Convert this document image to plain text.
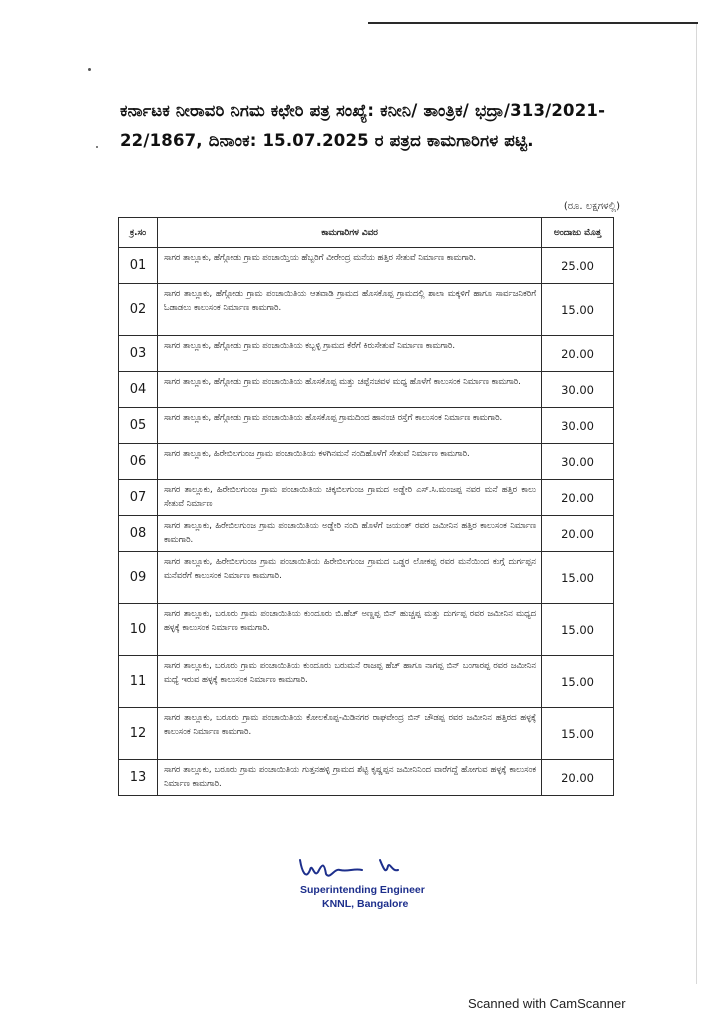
ಕರ್ನಾಟಕ ನೀರಾವರಿ ನಿಗಮ ಕಛೇರಿ ಪತ್ರ ಸಂಖ್ಯೆ: ಕನೀನಿ/ ತಾಂತ್ರಿಕ/ ಭದ್ರಾ/313/2021-22/1867, ದಿನಾಂಕ: 15.07.2025 ರ ಪತ್ರದ ಕಾಮಗಾರಿಗಳ ಪಟ್ಟಿ.
(ರೂ. ಲಕ್ಷಗಳಲ್ಲಿ)
ಕ್ರ.ಸಂ	ಕಾಮಗಾರಿಗಳ ವಿವರ	ಅಂದಾಜು ಮೊತ್ತ
01	ಸಾಗರ ತಾಲ್ಲೂಕು, ಹೆಗ್ಗೋಡು ಗ್ರಾಮ ಪಂಚಾಯ್ತಿಯ ಹೆಬ್ಬರಿಗೆ ವೀರೇಂದ್ರ ಮನೆಯ ಹತ್ತಿರ ಸೇತುವೆ ನಿರ್ಮಾಣ ಕಾಮಗಾರಿ.	25.00
02	ಸಾಗರ ತಾಲ್ಲೂಕು, ಹೆಗ್ಗೋಡು ಗ್ರಾಮ ಪಂಚಾಯಿತಿಯ ಆತವಾಡಿ ಗ್ರಾಮದ ಹೊಸಕೊಪ್ಪ ಗ್ರಾಮದಲ್ಲಿ ಶಾಲಾ ಮಕ್ಕಳಿಗೆ ಹಾಗೂ ಸಾರ್ವಜನಿಕರಿಗೆ ಓಡಾಡಲು ಕಾಲುಸಂಕ ನಿರ್ಮಾಣ ಕಾಮಗಾರಿ.	15.00
03	ಸಾಗರ ತಾಲ್ಲೂಕು, ಹೆಗ್ಗೋಡು ಗ್ರಾಮ ಪಂಚಾಯಿತಿಯ ಕಬ್ಬಳ್ಳಿ ಗ್ರಾಮದ ಕೆರೆಗೆ ಕಿರುಸೇತುವೆ ನಿರ್ಮಾಣ ಕಾಮಗಾರಿ.	20.00
04	ಸಾಗರ ತಾಲ್ಲೂಕು, ಹೆಗ್ಗೋಡು ಗ್ರಾಮ ಪಂಚಾಯಿತಿಯ ಹೊಸಕೊಪ್ಪ ಮತ್ತು ಚಪ್ಪೆನಚವಳ ಮಧ್ಯ ಹೊಳೆಗೆ ಕಾಲುಸಂಕ ನಿರ್ಮಾಣ ಕಾಮಗಾರಿ.	30.00
05	ಸಾಗರ ತಾಲ್ಲೂಕು, ಹೆಗ್ಗೋಡು ಗ್ರಾಮ ಪಂಚಾಯಿತಿಯ ಹೊಸಕೊಪ್ಪ ಗ್ರಾಮದಿಂದ ಹಾನಂಚಿ ರಸ್ತೆಗೆ ಕಾಲುಸಂಕ ನಿರ್ಮಾಣ ಕಾಮಗಾರಿ.	30.00
06	ಸಾಗರ ತಾಲ್ಲೂಕು, ಹಿರೇಬಿಲಗುಂಜ ಗ್ರಾಮ ಪಂಚಾಯಿತಿಯ ಕಳಗಿನಮನೆ ನಂದಿಹೊಳೆಗೆ ಸೇತುವೆ ನಿರ್ಮಾಣ ಕಾಮಗಾರಿ.	30.00
07	ಸಾಗರ ತಾಲ್ಲೂಕು, ಹಿರೇಬಿಲಗುಂಜ ಗ್ರಾಮ ಪಂಚಾಯಿತಿಯ ಚಿಕ್ಕಬಿಲಗುಂಜ ಗ್ರಾಮದ ಅಡ್ಡೇರಿ ಎಸ್.ಸಿ.ಮಂಜಪ್ಪ ನವರ ಮನೆ ಹತ್ತಿರ ಕಾಲು ಸೇತುವೆ ನಿರ್ಮಾಣ	20.00
08	ಸಾಗರ ತಾಲ್ಲೂಕು, ಹಿರೇಬಿಲಗುಂಜ ಗ್ರಾಮ ಪಂಚಾಯಿತಿಯ ಅಡ್ಡೇರಿ ನಂದಿ ಹೊಳೆಗೆ ಜಯಂತ್ ರವರ ಜಮೀನಿನ ಹತ್ತಿರ ಕಾಲುಸಂಕ ನಿರ್ಮಾಣ ಕಾಮಗಾರಿ.	20.00
09	ಸಾಗರ ತಾಲ್ಲೂಕು, ಹಿರೇಬಿಲಗುಂಜ ಗ್ರಾಮ ಪಂಚಾಯಿತಿಯ ಹಿರೇಬಿಲಗುಂಜ ಗ್ರಾಮದ ಒಡ್ಡರ ಲೋಕಪ್ಪ ರವರ ಮನೆಯಿಂದ ಕುಗ್ಗೆ ದುರ್ಗಪ್ಪನ ಮನೆವರೆಗೆ ಕಾಲುಸಂಕ ನಿರ್ಮಾಣ ಕಾಮಗಾರಿ.	15.00
10	ಸಾಗರ ತಾಲ್ಲೂಕು, ಬರೂರು ಗ್ರಾಮ ಪಂಚಾಯಿತಿಯ ಕುಂದೂರು ಬಿ.ಹೆಚ್ ಅಣ್ಣಪ್ಪ ಬಿನ್ ಹುಚ್ಚಪ್ಪ ಮತ್ತು ದುರ್ಗಪ್ಪ ರವರ ಜಮೀನಿನ ಮಧ್ಯದ ಹಳ್ಳಕ್ಕೆ ಕಾಲುಸಂಕ ನಿರ್ಮಾಣ ಕಾಮಗಾರಿ.	15.00
11	ಸಾಗರ ತಾಲ್ಲೂಕು, ಬರೂರು ಗ್ರಾಮ ಪಂಚಾಯಿತಿಯ ಕುಂದೂರು ಬರುಮನೆ ರಾಜಪ್ಪ ಹೆಚ್ ಹಾಗೂ ನಾಗಪ್ಪ ಬಿನ್ ಬಂಗಾರಪ್ಪ ರವರ ಜಮೀನಿನ ಮಧ್ಯೆ ಇರುವ ಹಳ್ಳಕ್ಕೆ ಕಾಲುಸಂಕ ನಿರ್ಮಾಣ ಕಾಮಗಾರಿ.	15.00
12	ಸಾಗರ ತಾಲ್ಲೂಕು, ಬರೂರು ಗ್ರಾಮ ಪಂಚಾಯಿತಿಯ ಕೋಲಕೊಪ್ಪ-ಮಿಡಿನಗರ ರಾಘವೇಂದ್ರ ಬಿನ್ ಚೌಡಪ್ಪ ರವರ ಜಮೀನಿನ ಹತ್ತಿರದ ಹಳ್ಳಕ್ಕೆ ಕಾಲುಸಂಕ ನಿರ್ಮಾಣ ಕಾಮಗಾರಿ.	15.00
13	ಸಾಗರ ತಾಲ್ಲೂಕು, ಬರೂರು ಗ್ರಾಮ ಪಂಚಾಯಿತಿಯ ಗುತ್ತನಹಳ್ಳಿ ಗ್ರಾಮದ ಶೆಟ್ಟಿ ಕೃಷ್ಣಪ್ಪನ ಜಮೀನಿನಿಂದ ವಾರೆಗದ್ದೆ ಹೋಗುವ ಹಳ್ಳಕ್ಕೆ ಕಾಲುಸಂಕ ನಿರ್ಮಾಣ ಕಾಮಗಾರಿ.	20.00
Superintending Engineer
KNNL, Bangalore
Scanned with CamScanner
